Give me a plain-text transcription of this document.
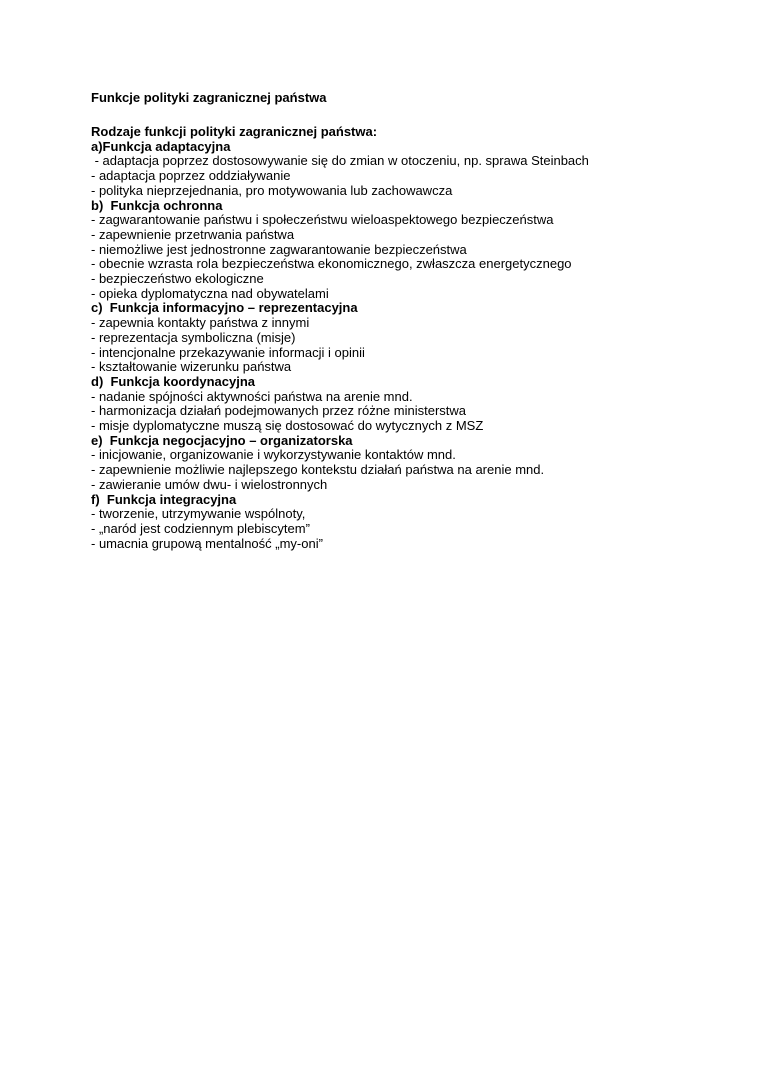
Funkcje polityki zagranicznej państwa

Rodzaje funkcji polityki zagranicznej państwa:

a)Funkcja adaptacyjna

- adaptacja poprzez dostosowywanie się do zmian w otoczeniu, np. sprawa Steinbach

- adaptacja poprzez oddziaływanie

- polityka nieprzejednania, pro motywowania lub zachowawcza

b)  Funkcja ochronna

- zagwarantowanie państwu i społeczeństwu wieloaspektowego bezpieczeństwa

- zapewnienie przetrwania państwa

- niemożliwe jest jednostronne zagwarantowanie bezpieczeństwa

- obecnie wzrasta rola bezpieczeństwa ekonomicznego, zwłaszcza energetycznego

- bezpieczeństwo ekologiczne

- opieka dyplomatyczna nad obywatelami

c)  Funkcja informacyjno – reprezentacyjna

- zapewnia kontakty państwa z innymi

- reprezentacja symboliczna (misje)

- intencjonalne przekazywanie informacji i opinii

- kształtowanie wizerunku państwa

d)  Funkcja koordynacyjna

- nadanie spójności aktywności państwa na arenie mnd.

- harmonizacja działań podejmowanych przez różne ministerstwa

- misje dyplomatyczne muszą się dostosować do wytycznych z MSZ

e)  Funkcja negocjacyjno – organizatorska

- inicjowanie, organizowanie i wykorzystywanie kontaktów mnd.

- zapewnienie możliwie najlepszego kontekstu działań państwa na arenie mnd.

- zawieranie umów dwu- i wielostronnych

f)  Funkcja integracyjna

- tworzenie, utrzymywanie wspólnoty,

- „naród jest codziennym plebiscytem”

- umacnia grupową mentalność „my-oni”
